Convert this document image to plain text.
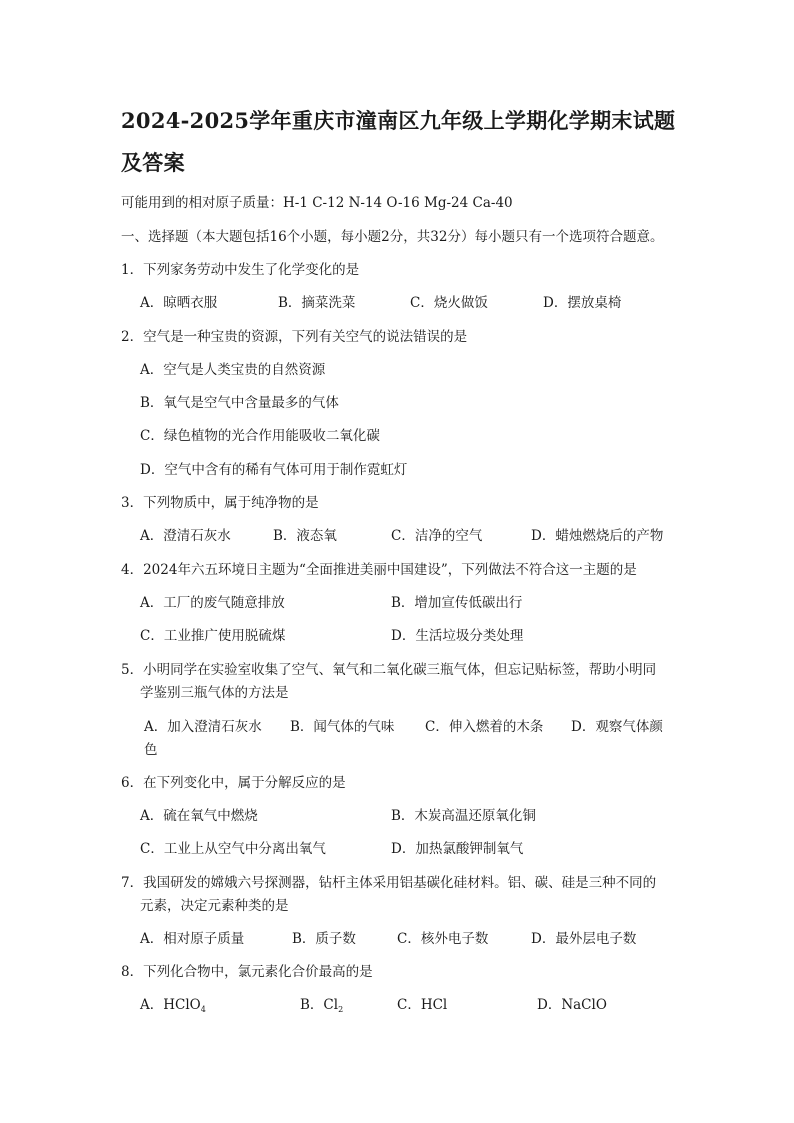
2024-2025学年重庆市潼南区九年级上学期化学期末试题及答案
可能用到的相对原子质量：H-1 C-12 N-14 O-16 Mg-24 Ca-40
一、选择题（本大题包括16个小题，每小题2分，共32分）每小题只有一个选项符合题意。
1．下列家务劳动中发生了化学变化的是
A．晾晒衣服	B．摘菜洗菜	C．烧火做饭	D．摆放桌椅
2．空气是一种宝贵的资源，下列有关空气的说法错误的是
A．空气是人类宝贵的自然资源
B．氧气是空气中含量最多的气体
C．绿色植物的光合作用能吸收二氧化碳
D．空气中含有的稀有气体可用于制作霓虹灯
3．下列物质中，属于纯净物的是
A．澄清石灰水	B．液态氧	C．洁净的空气	D．蜡烛燃烧后的产物
4．2024年六五环境日主题为“全面推进美丽中国建设”，下列做法不符合这一主题的是
A．工厂的废气随意排放	B．增加宣传低碳出行
C．工业推广使用脱硫煤	D．生活垃圾分类处理
5．小明同学在实验室收集了空气、氧气和二氧化碳三瓶气体，但忘记贴标签，帮助小明同
学鉴别三瓶气体的方法是
A．加入澄清石灰水 B．闻气体的气味 C．伸入燃着的木条 D．观察气体颜
色
6．在下列变化中，属于分解反应的是
A．硫在氧气中燃烧	B．木炭高温还原氧化铜
C．工业上从空气中分离出氧气	D．加热氯酸钾制氧气
7．我国研发的嫦娥六号探测器，钻杆主体采用铝基碳化硅材料。铝、碳、硅是三种不同的
元素，决定元素种类的是
A．相对原子质量	B．质子数	C．核外电子数	D．最外层电子数
8．下列化合物中，氯元素化合价最高的是
A．HClO$_4$	B．$Cl_2$	C．HCl	D．NaClO
